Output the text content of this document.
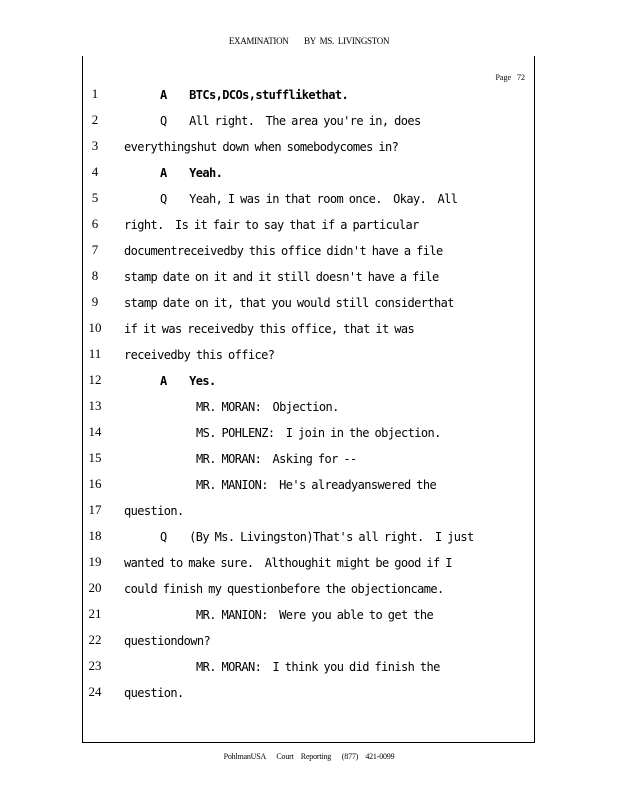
EXAMINATION        BY  MS.  LIVINGSTON
Page   72
1	A    BTCs,DCOs,stufflikethat.
2	Q    All right.  The area you're in, does
3	everythingshut down when somebodycomes in?
4	A    Yeah.
5	Q    Yeah, I was in that room once.  Okay.  All
6	right.  Is it fair to say that if a particular
7	documentreceivedby this office didn't have a file
8	stamp date on it and it still doesn't have a file
9	stamp date on it, that you would still considerthat
10	if it was receivedby this office, that it was
11	receivedby this office?
12	A    Yes.
13	MR. MORAN:  Objection.
14	MS. POHLENZ:  I join in the objection.
15	MR. MORAN:  Asking for --
16	MR. MANION:  He's alreadyanswered the
17	question.
18	Q    (By Ms. Livingston)That's all right.  I just
19	wanted to make sure.  Althoughit might be good if I
20	could finish my questionbefore the objectioncame.
21	MR. MANION:  Were you able to get the
22	questiondown?
23	MR. MORAN:  I think you did finish the
24	question.
PohlmanUSA      Court    Reporting      (877)    421-0099
